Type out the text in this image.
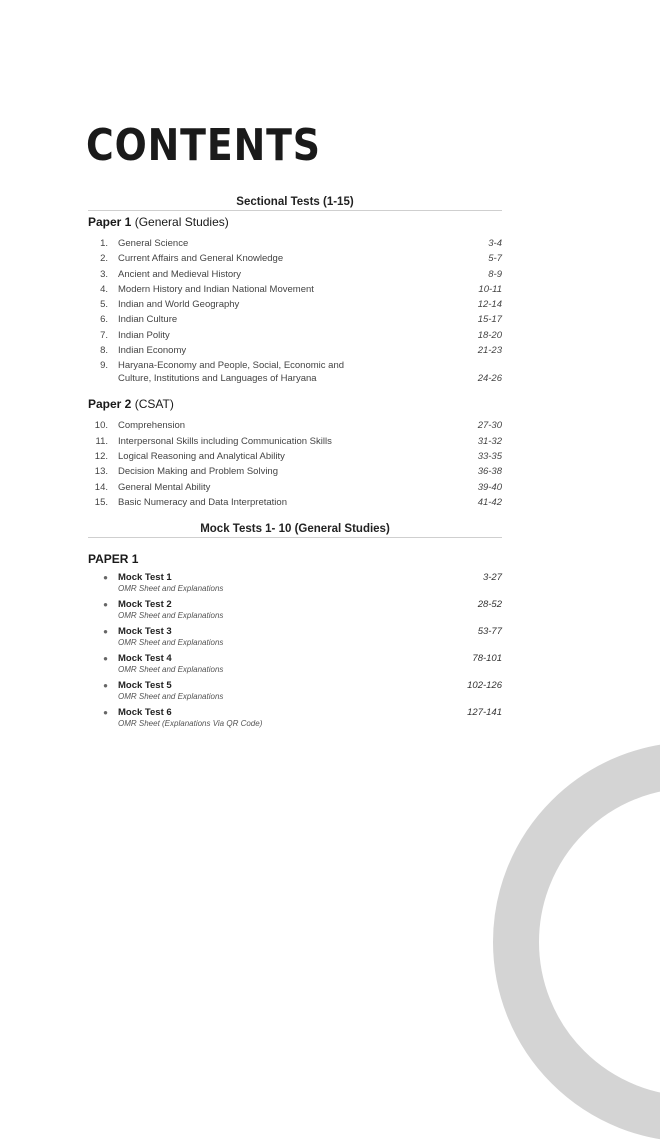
CONTENTS
Sectional Tests (1-15)
Paper 1 (General Studies)
1. General Science	3-4
2. Current Affairs and General Knowledge	5-7
3. Ancient and Medieval History	8-9
4. Modern History and Indian National Movement	10-11
5. Indian and World Geography	12-14
6. Indian Culture	15-17
7. Indian Polity	18-20
8. Indian Economy	21-23
9. Haryana-Economy and People, Social, Economic and
Culture, Institutions and Languages of Haryana	24-26
Paper 2 (CSAT)
10. Comprehension	27-30
11. Interpersonal Skills including Communication Skills	31-32
12. Logical Reasoning and Analytical Ability	33-35
13. Decision Making and Problem Solving	36-38
14. General Mental Ability	39-40
15. Basic Numeracy and Data Interpretation	41-42
Mock Tests 1- 10 (General Studies)
PAPER 1
● Mock Test 1
OMR Sheet and Explanations
3-27
● Mock Test 2
OMR Sheet and Explanations
28-52
● Mock Test 3
OMR Sheet and Explanations
53-77
● Mock Test 4
OMR Sheet and Explanations
78-101
● Mock Test 5
OMR Sheet and Explanations
102-126
● Mock Test 6
OMR Sheet (Explanations Via QR Code)
127-141
